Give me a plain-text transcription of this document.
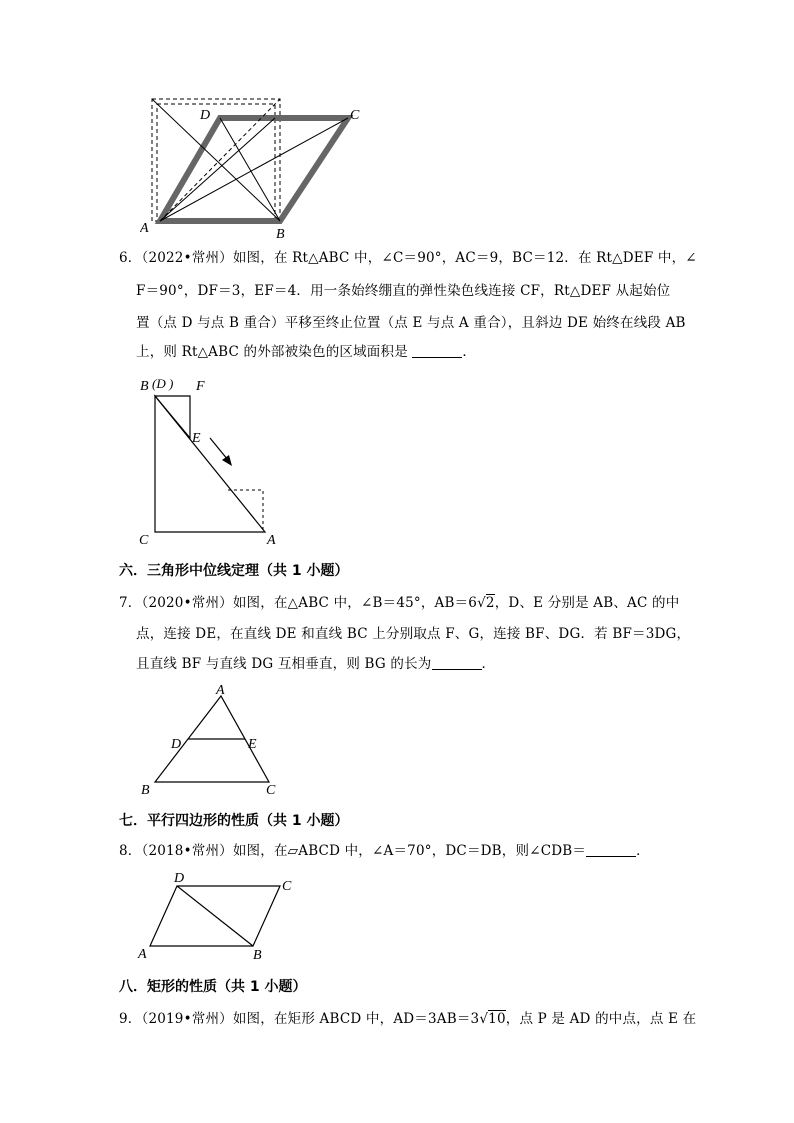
D	C
A	B
6．（2022•常州）如图，在 Rt△ABC 中，∠C＝90°，AC＝9，BC＝12．在 Rt△DEF 中，∠
F＝90°，DF＝3，EF＝4．用一条始终绷直的弹性染色线连接 CF，Rt△DEF 从起始位
置（点 D 与点 B 重合）平移至终止位置（点 E 与点 A 重合），且斜边 DE 始终在线段 AB
上，则 Rt△ABC 的外部被染色的区域面积是	．
B (D ) F
E
C	A
六．三角形中位线定理（共 1 小题）
7．（2020•常州）如图，在△ABC 中，∠B＝45°，AB＝6√2，D、E 分别是 AB、AC 的中
点，连接 DE，在直线 DE 和直线 BC 上分别取点 F、G，连接 BF、DG．若 BF＝3DG，
且直线 BF 与直线 DG 互相垂直，则 BG 的长为	．
A
D	E
B	C
七．平行四边形的性质（共 1 小题）
8．（2018•常州）如图，在▱ABCD 中，∠A＝70°，DC＝DB，则∠CDB＝	．
D
C
A	B
八．矩形的性质（共 1 小题）
9．（2019•常州）如图，在矩形 ABCD 中，AD＝3AB＝3√10，点 P 是 AD 的中点，点 E 在
